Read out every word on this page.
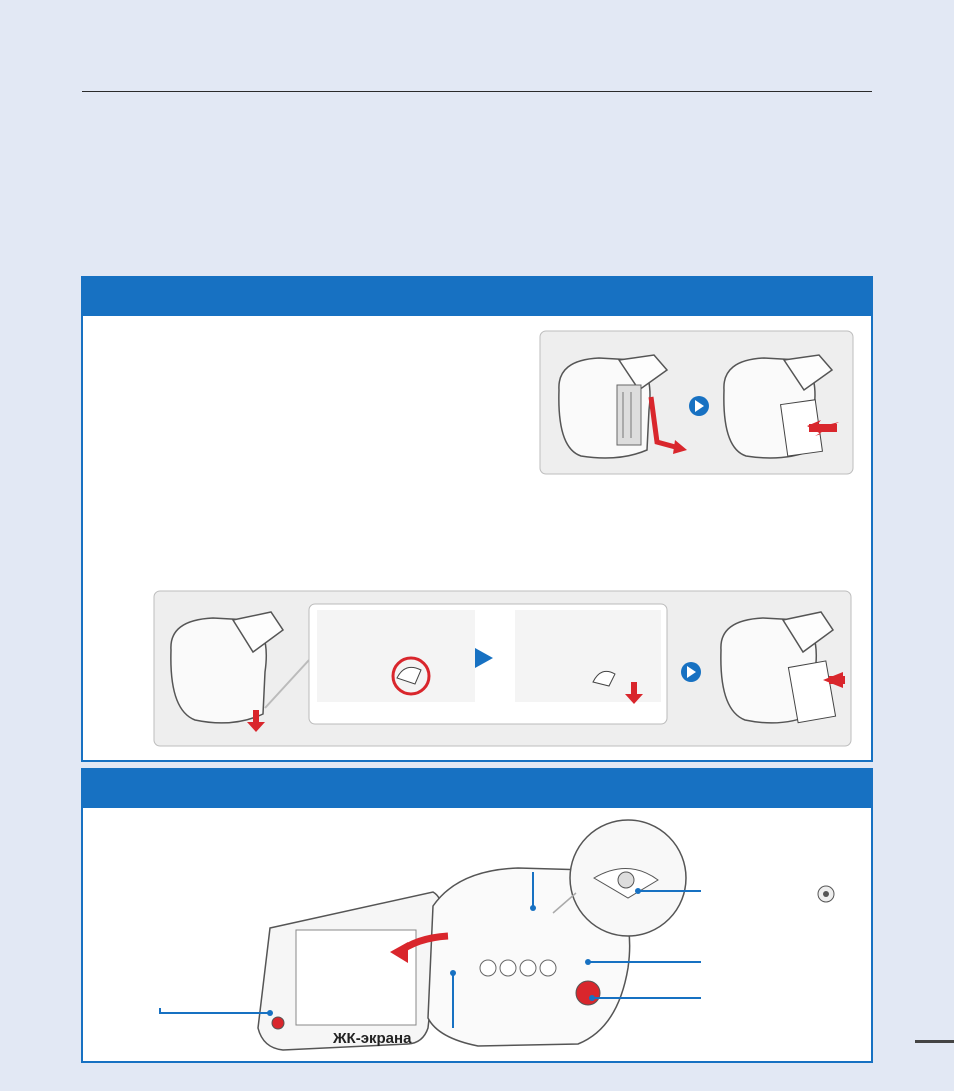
ЖК-экрана
